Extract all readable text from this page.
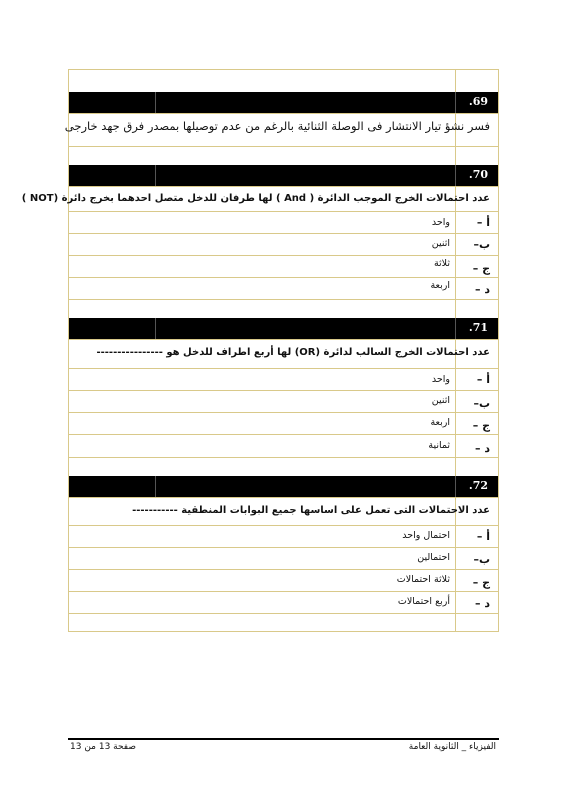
.69
فسر نشؤ تيار الانتشار فى الوصلة الثنائية بالرغم من عدم توصيلها بمصدر فرق جهد خارجى
.70
عدد احتمالات الخرج الموجب الدائرة ( And ) لها طرفان للدخل متصل احدهما بخرج دائرة (NOT )
أ –
واحد
ب–
اثنين
ج –
ثلاثة
د –
اربعة
.71
عدد احتمالات الخرج السالب لدائرة (OR) لها أربع اطراف للدخل هو ----------------
أ –
واحد
ب–
اثنين
ج –
اربعة
د –
ثمانية
.72
عدد الاحتمالات التى تعمل على اساسها جميع البوابات المنطقية -----------
أ –
احتمال واحد
ب–
احتمالين
ج –
ثلاثة احتمالات
د –
أربع احتمالات
صفحة 13 من 13	الفيزياء _ الثانوية العامة
